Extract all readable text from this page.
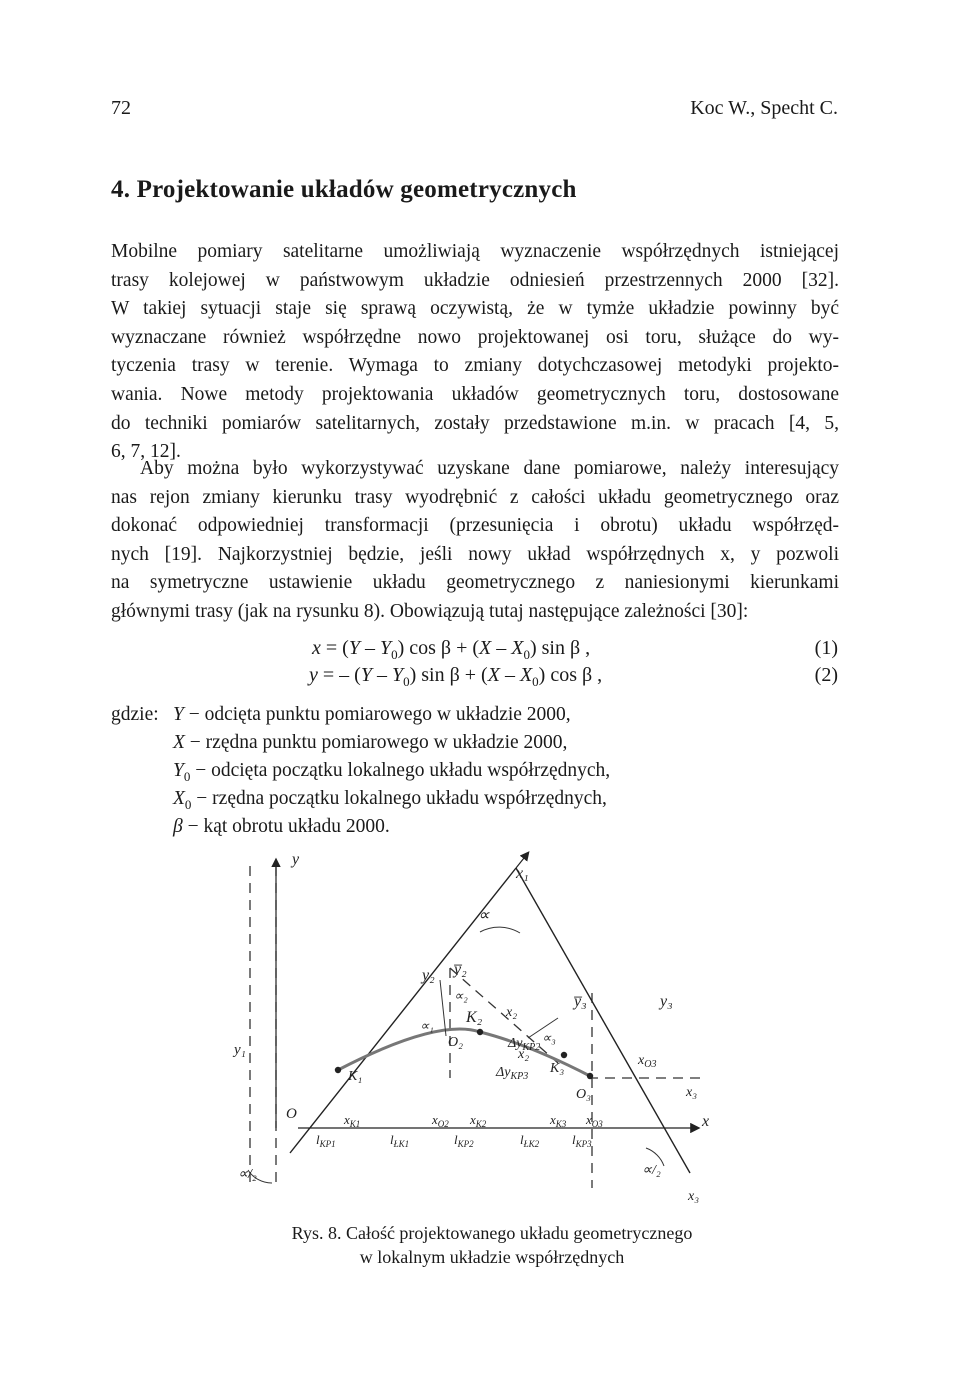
72	Koc W., Specht C.
4. Projektowanie układów geometrycznych

Mobilne pomiary satelitarne umożliwiają wyznaczenie współrzędnych istniejącej
trasy kolejowej w państwowym układzie odniesień przestrzennych 2000 [32].
W takiej sytuacji staje się sprawą oczywistą, że w tymże układzie powinny być
wyznaczane również współrzędne nowo projektowanej osi toru, służące do wy-
tyczenia trasy w terenie. Wymaga to zmiany dotychczasowej metodyki projekto-
wania. Nowe metody projektowania układów geometrycznych toru, dostosowane
do techniki pomiarów satelitarnych, zostały przedstawione m.in. w pracach [4, 5,
6, 7, 12].

Aby można było wykorzystywać uzyskane dane pomiarowe, należy interesujący
nas rejon zmiany kierunku trasy wyodrębnić z całości układu geometrycznego oraz
dokonać odpowiedniej transformacji (przesunięcia i obrotu) układu współrzęd-
nych [19]. Najkorzystniej będzie, jeśli nowy układ współrzędnych x, y pozwoli
na symetryczne ustawienie układu geometrycznego z naniesionymi kierunkami
głównymi trasy (jak na rysunku 8). Obowiązują tutaj następujące zależności [30]:

$x = (Y - Y_0)$ $\cos \beta + (X - X_0)$ sin β ,	(1)
y = – $(Y - Y_0)$ $\sin \beta + (X - X_0)$ cos β ,	(2)
gdzie: Y − odcięta punktu pomiarowego w układzie 2000,
X − rzędna punktu pomiarowego w układzie 2000,
$Y_0$ − odcięta początku lokalnego układu współrzędnych,
$X_0$ − rzędna początku lokalnego układu współrzędnych,
β − kąt obrotu układu 2000.
y
x₁
∝
y₂ y̅₂
∝₂
∝₁ K₂ x₂
∝₃
y̅₃	y₃
y₁	O₂	$\Delta y_{KP2}$
x₂	$x_{O3}$
K₁	$\Delta y_{KP3}$
K₃
x₃
O₃
O	x
$x_{K1}$	$x_{O2}$ $x_{K2}$	$x_{K3}$ $x_{O3}$
$l_{KP1}$	$l_{ŁK1}$	$l_{KP2}$	$l_{ŁK2}$	$l_{KP3}$
∝/₂	∝/₂
x₃
Rys. 8. Całość projektowanego układu geometrycznego
w lokalnym układzie współrzędnych
